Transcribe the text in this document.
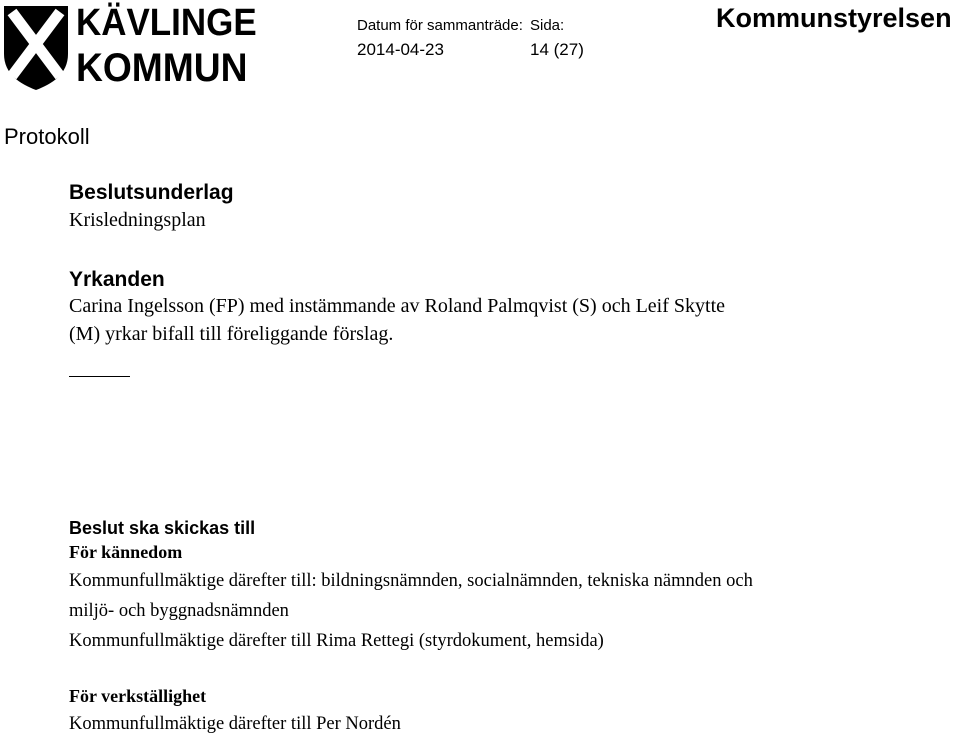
KÄVLINGE
KOMMUN
Datum för sammanträde: Sida:
2014-04-23	14 (27)
Kommunstyrelsen
Protokoll
Beslutsunderlag
Krisledningsplan
Yrkanden
Carina Ingelsson (FP) med instämmande av Roland Palmqvist (S) och Leif Skytte
(M) yrkar bifall till föreliggande förslag.
Beslut ska skickas till
För kännedom
Kommunfullmäktige därefter till: bildningsnämnden, socialnämnden, tekniska nämnden och
miljö- och byggnadsnämnden
Kommunfullmäktige därefter till Rima Rettegi (styrdokument, hemsida)
För verkställighet
Kommunfullmäktige därefter till Per Nordén
